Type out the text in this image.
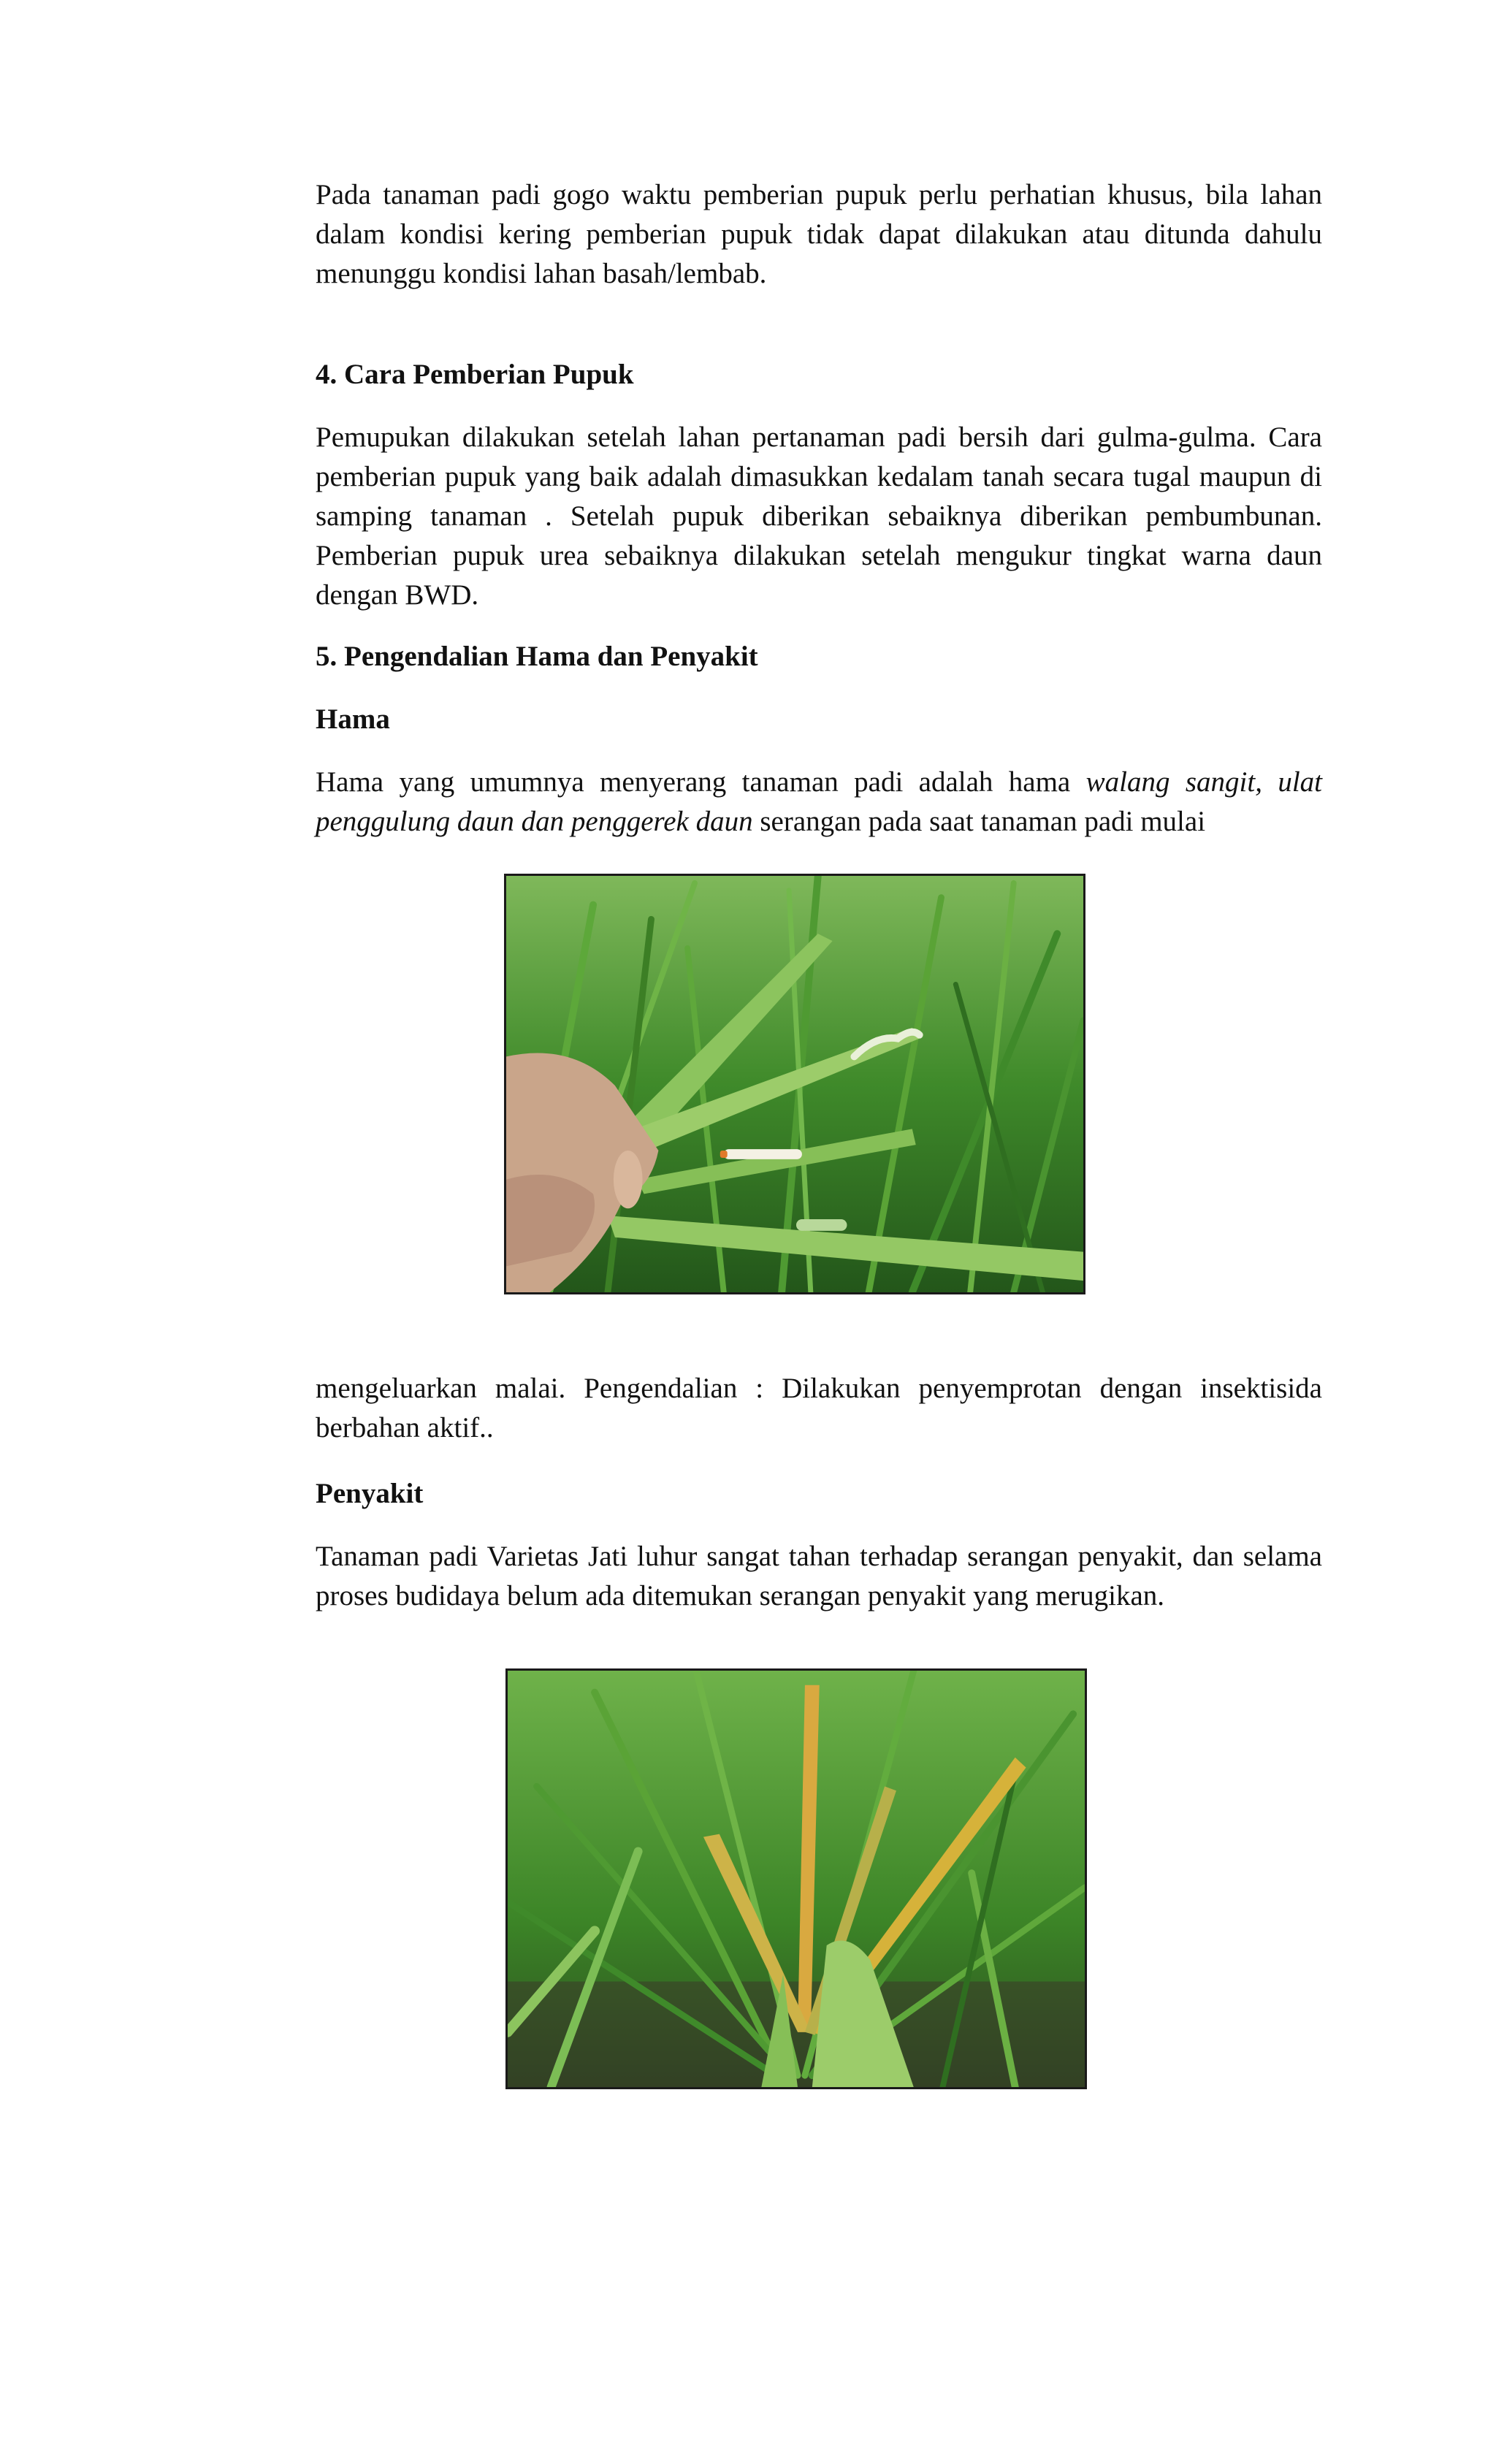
Pada tanaman padi gogo waktu pemberian pupuk perlu perhatian khusus, bila lahan dalam kondisi kering pemberian pupuk tidak dapat dilakukan atau ditunda dahulu menunggu kondisi lahan basah/lembab.

4. Cara Pemberian Pupuk

Pemupukan dilakukan setelah lahan pertanaman padi bersih dari gulma-gulma. Cara pemberian pupuk yang baik adalah dimasukkan kedalam tanah secara tugal maupun di samping tanaman . Setelah pupuk diberikan sebaiknya diberikan pembumbunan. Pemberian pupuk urea sebaiknya dilakukan setelah mengukur tingkat warna daun dengan BWD.

5. Pengendalian Hama dan Penyakit
Hama

Hama yang umumnya menyerang tanaman padi adalah hama walang sangit, ulat penggulung daun dan penggerek daun serangan pada saat tanaman padi mulai

mengeluarkan malai. Pengendalian : Dilakukan penyemprotan dengan insektisida berbahan aktif..

Penyakit

Tanaman padi Varietas Jati luhur sangat tahan terhadap serangan penyakit, dan selama proses budidaya belum ada ditemukan serangan penyakit yang merugikan.
